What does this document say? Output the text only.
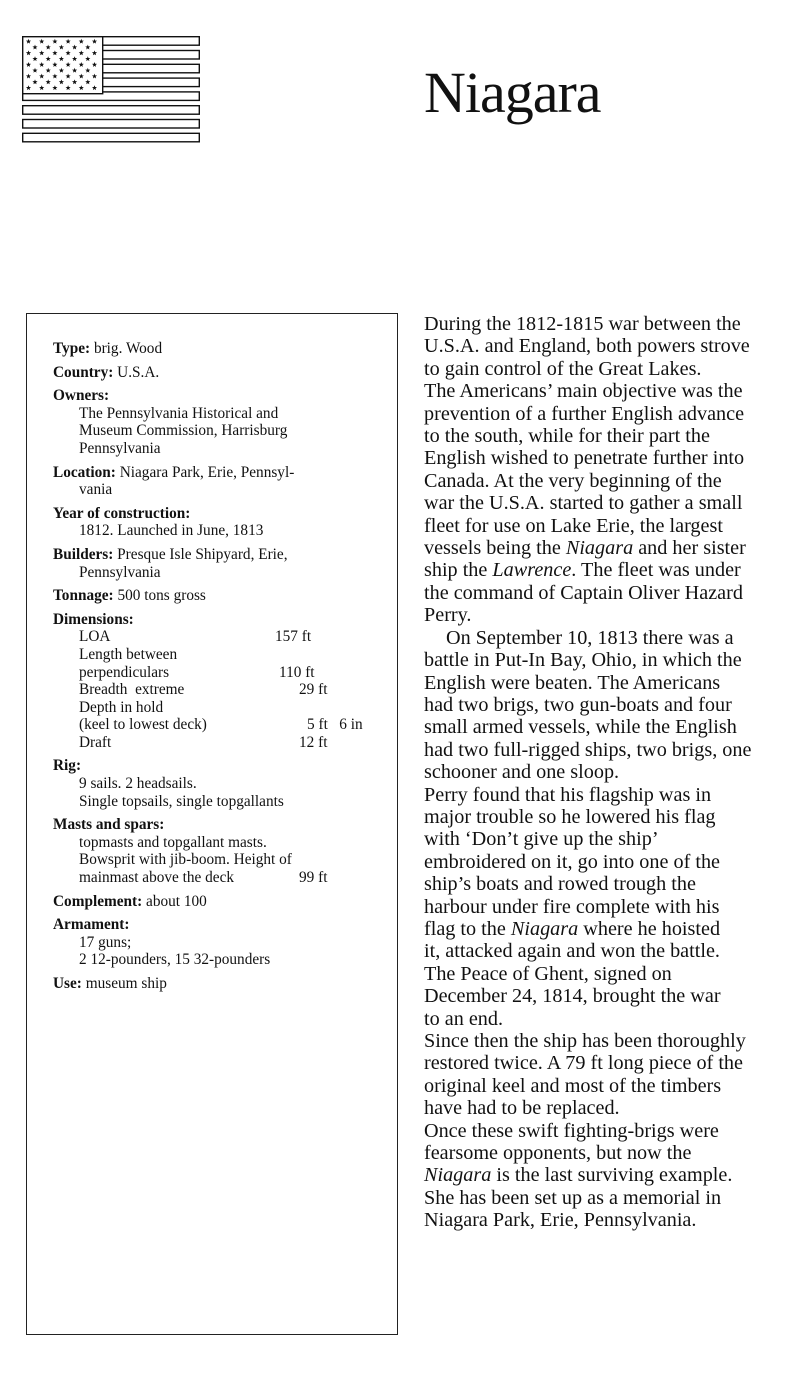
Niagara
Type: brig. Wood
Country: U.S.A.
Owners:
The Pennsylvania Historical and
Museum Commission, Harrisburg
Pennsylvania
Location: Niagara Park, Erie, Pennsyl-
vania
Year of construction:
1812. Launched in June, 1813
Builders: Presque Isle Shipyard, Erie,
Pennsylvania
Tonnage: 500 tons gross
Dimensions:
LOA	157 ft
Length between
perpendiculars	110 ft
Breadth  extreme	29 ft
Depth in hold
(keel to lowest deck)	5 ft   6 in
Draft	12 ft
Rig:
9 sails. 2 headsails.
Single topsails, single topgallants
Masts and spars:
topmasts and topgallant masts.
Bowsprit with jib-boom. Height of
mainmast above the deck	99 ft
Complement: about 100
Armament:
17 guns;
2 12-pounders, 15 32-pounders
Use: museum ship

During the 1812-1815 war between the
U.S.A. and England, both powers strove
to gain control of the Great Lakes.

The Americans’ main objective was the
prevention of a further English advance
to the south, while for their part the
English wished to penetrate further into
Canada. At the very beginning of the
war the U.S.A. started to gather a small
fleet for use on Lake Erie, the largest
vessels being the Niagara and her sister
ship the Lawrence. The fleet was under
the command of Captain Oliver Hazard
Perry.

On September 10, 1813 there was a
battle in Put-In Bay, Ohio, in which the
English were beaten. The Americans
had two brigs, two gun-boats and four
small armed vessels, while the English
had two full-rigged ships, two brigs, one
schooner and one sloop.

Perry found that his flagship was in
major trouble so he lowered his flag
with ‘Don’t give up the ship’
embroidered on it, go into one of the
ship’s boats and rowed trough the
harbour under fire complete with his
flag to the Niagara where he hoisted
it, attacked again and won the battle.

The Peace of Ghent, signed on
December 24, 1814, brought the war
to an end.

Since then the ship has been thoroughly
restored twice. A 79 ft long piece of the
original keel and most of the timbers
have had to be replaced.

Once these swift fighting-brigs were
fearsome opponents, but now the
Niagara is the last surviving example.
She has been set up as a memorial in
Niagara Park, Erie, Pennsylvania.
